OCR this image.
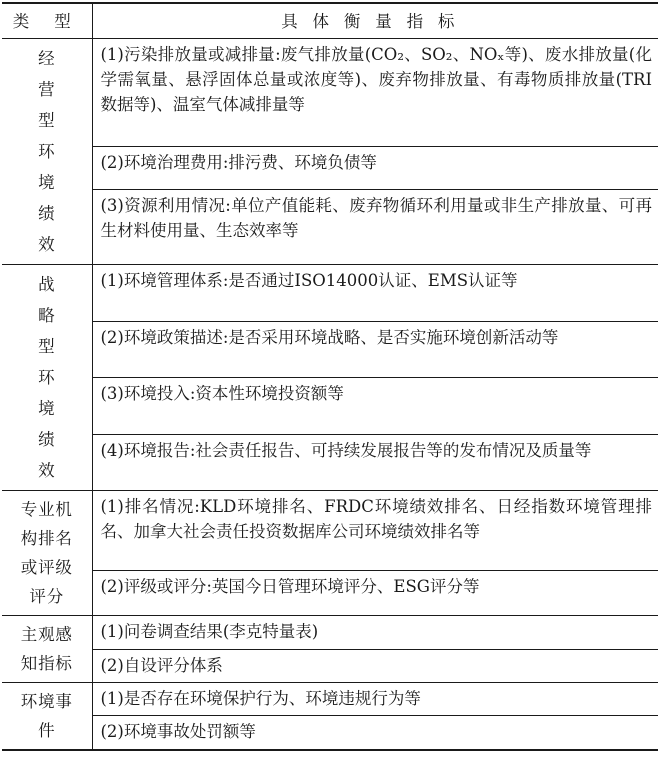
类 型	具体衡量指标
经营型环境绩效	(1)污染排放量或减排量:废气排放量(CO₂、SO₂、NOₓ等)、废水排放量(化学需氧量、悬浮固体总量或浓度等)、废弃物排放量、有毒物质排放量(TRI数据等)、温室气体减排量等

	(2)环境治理费用:排污费、环境负债等

	(3)资源利用情况:单位产值能耗、废弃物循环利用量或非生产排放量、可再生材料使用量、生态效率等

战略型环境绩效	(1)环境管理体系:是否通过ISO14000认证、EMS认证等

	(2)环境政策描述:是否采用环境战略、是否实施环境创新活动等

	(3)环境投入:资本性环境投资额等

	(4)环境报告:社会责任报告、可持续发展报告等的发布情况及质量等

专业机构排名或评级评分	(1)排名情况:KLD环境排名、FRDC环境绩效排名、日经指数环境管理排名、加拿大社会责任投资数据库公司环境绩效排名等

	(2)评级或评分:英国今日管理环境评分、ESG评分等

主观感知指标	(1)问卷调查结果(李克特量表)

	(2)自设评分体系

环境事件	(1)是否存在环境保护行为、环境违规行为等

	(2)环境事故处罚额等
